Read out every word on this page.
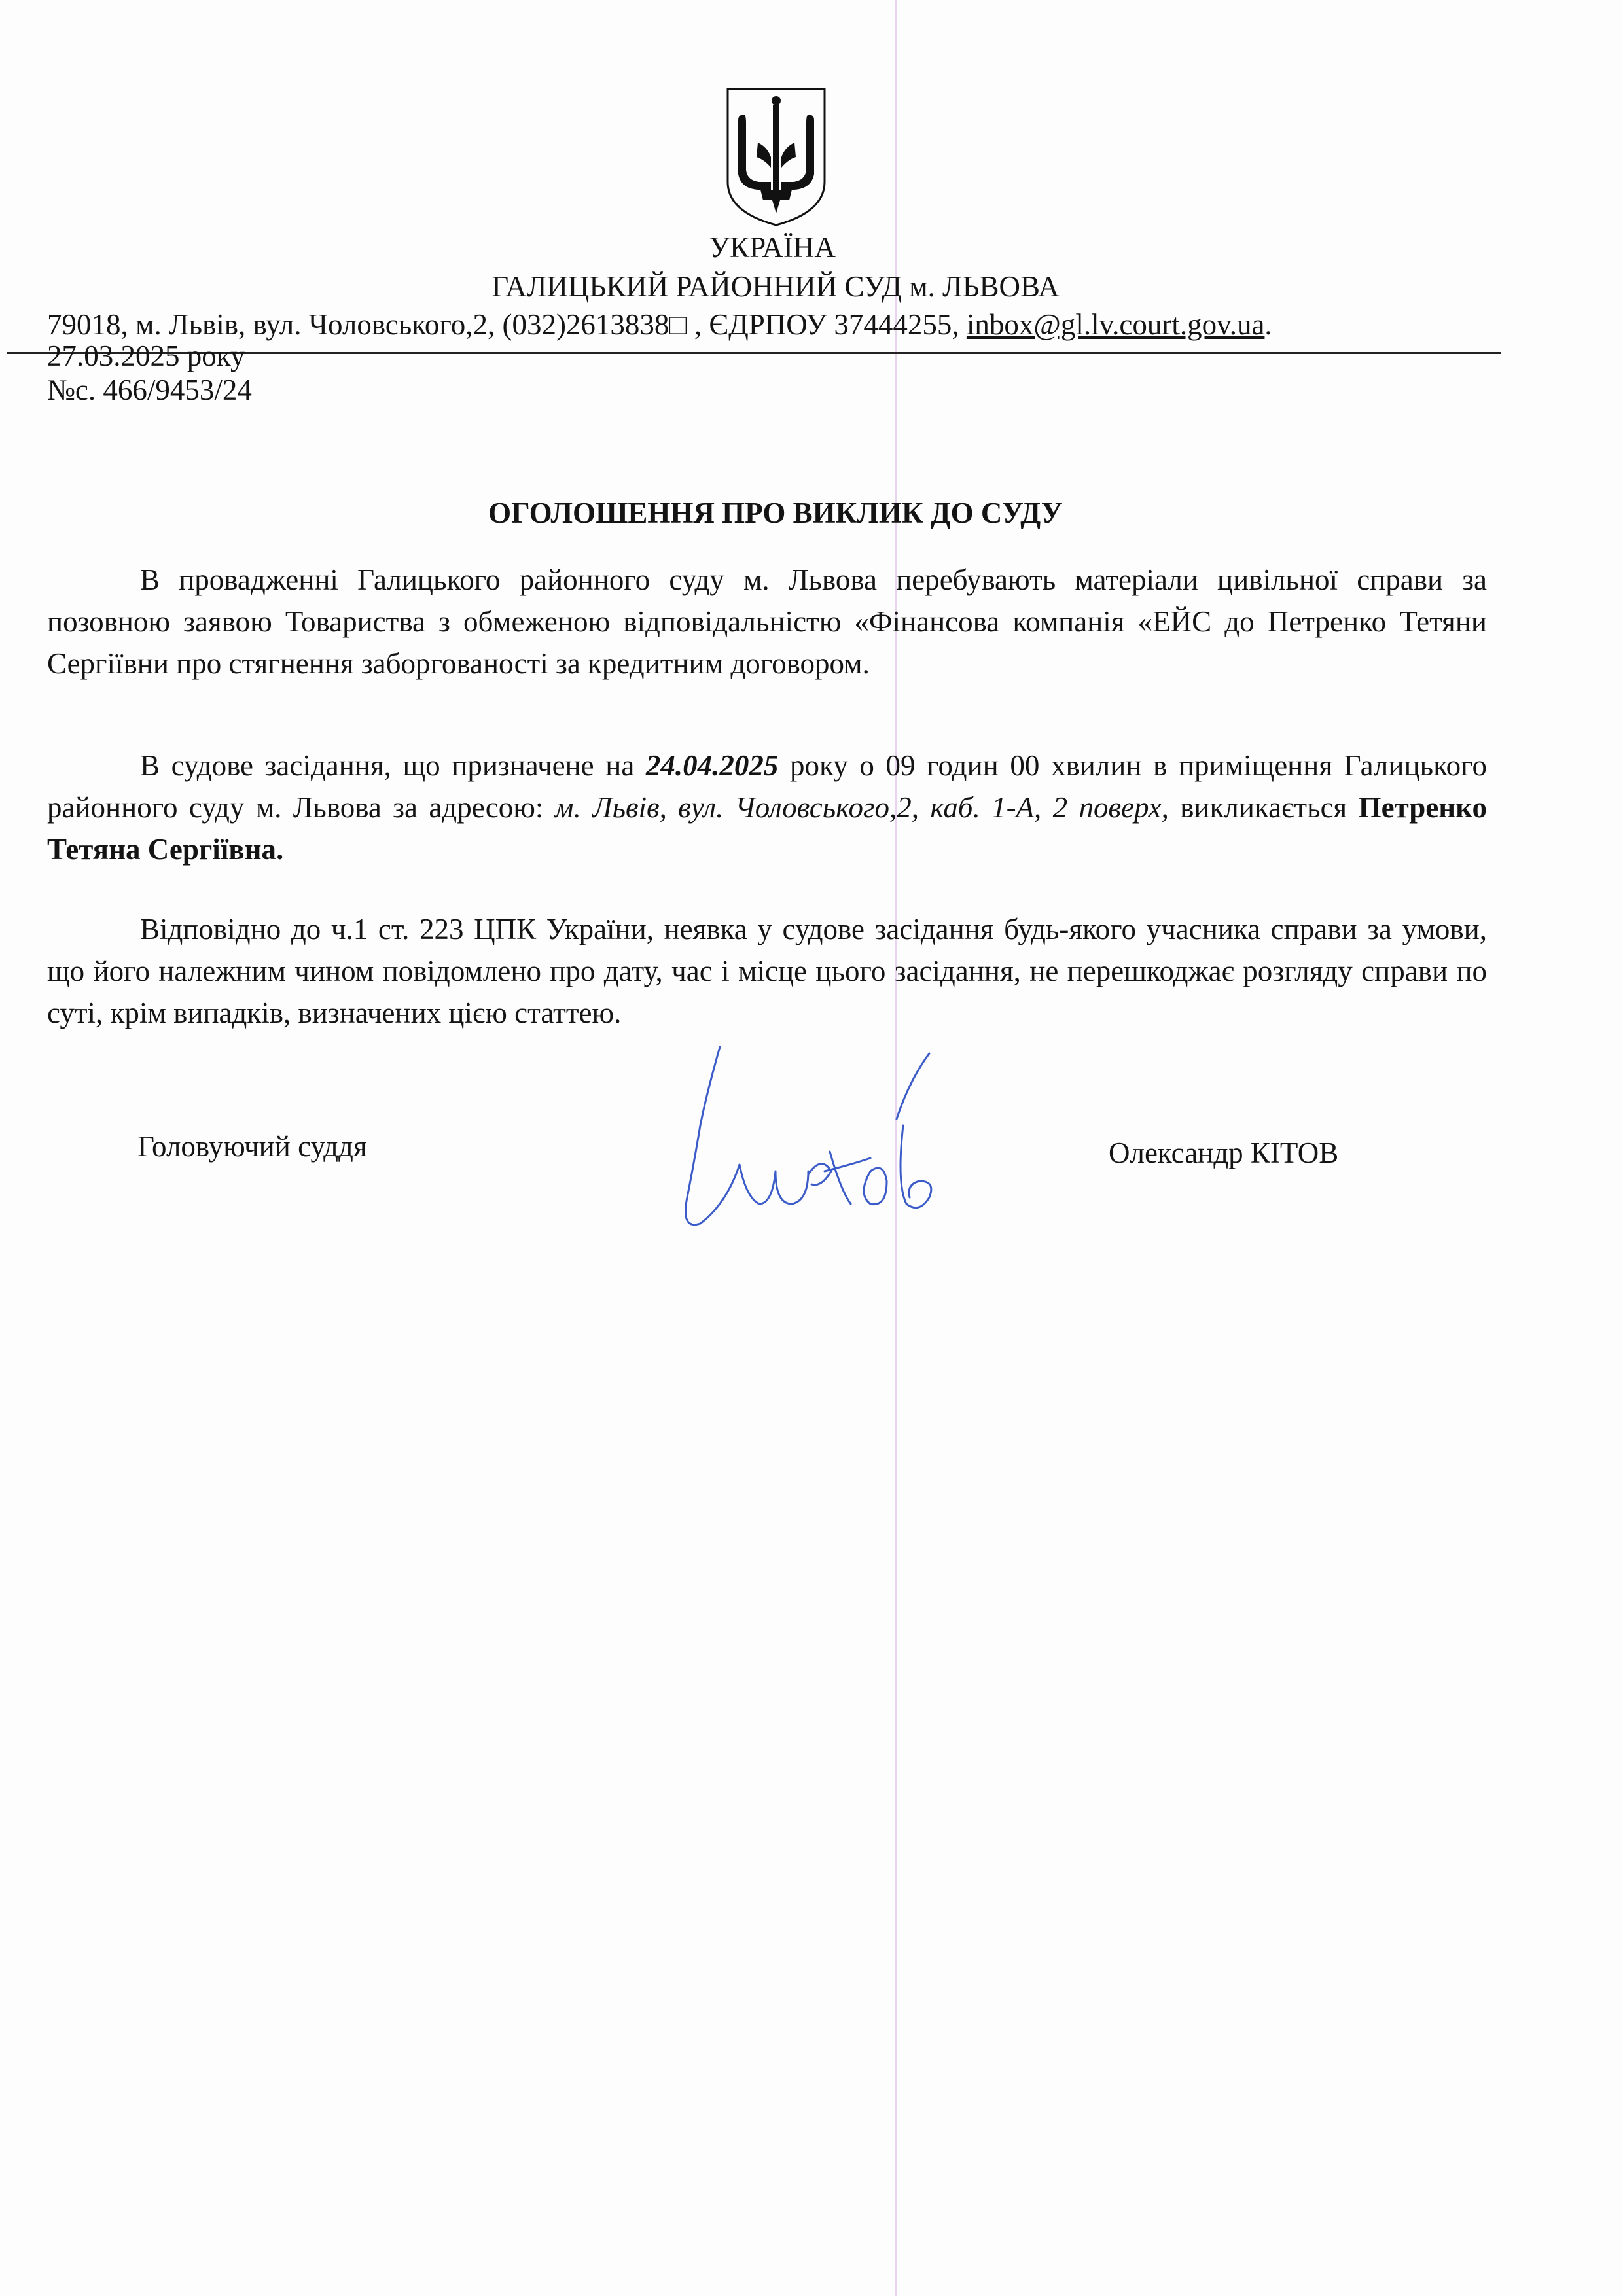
УКРАЇНА
ГАЛИЦЬКИЙ РАЙОННИЙ СУД м. ЛЬВОВА
79018, м. Львів, вул. Чоловського,2, (032)2613838□ , ЄДРПОУ 37444255, inbox@gl.lv.court.gov.ua.
27.03.2025 року
№c. 466/9453/24
ОГОЛОШЕННЯ ПРО ВИКЛИК ДО СУДУ
В провадженні Галицького районного суду м. Львова перебувають матеріали цивільної справи за позовною заявою Товариства з обмеженою відповідальністю «Фінансова компанія «ЕЙС до Петренко Тетяни Сергіївни про стягнення заборгованості за кредитним договором.
В судове засідання, що призначене на 24.04.2025 року о 09 годин 00 хвилин в приміщення Галицького районного суду м. Львова за адресою: м. Львів, вул. Чоловського,2, каб. 1-А, 2 поверх, викликається Петренко Тетяна Сергіївна.
Відповідно до ч.1 ст. 223 ЦПК України, неявка у судове засідання будь-якого учасника справи за умови, що його належним чином повідомлено про дату, час і місце цього засідання, не перешкоджає розгляду справи по суті, крім випадків, визначених цією статтею.
Головуючий суддя	Олександр КІТОВ
